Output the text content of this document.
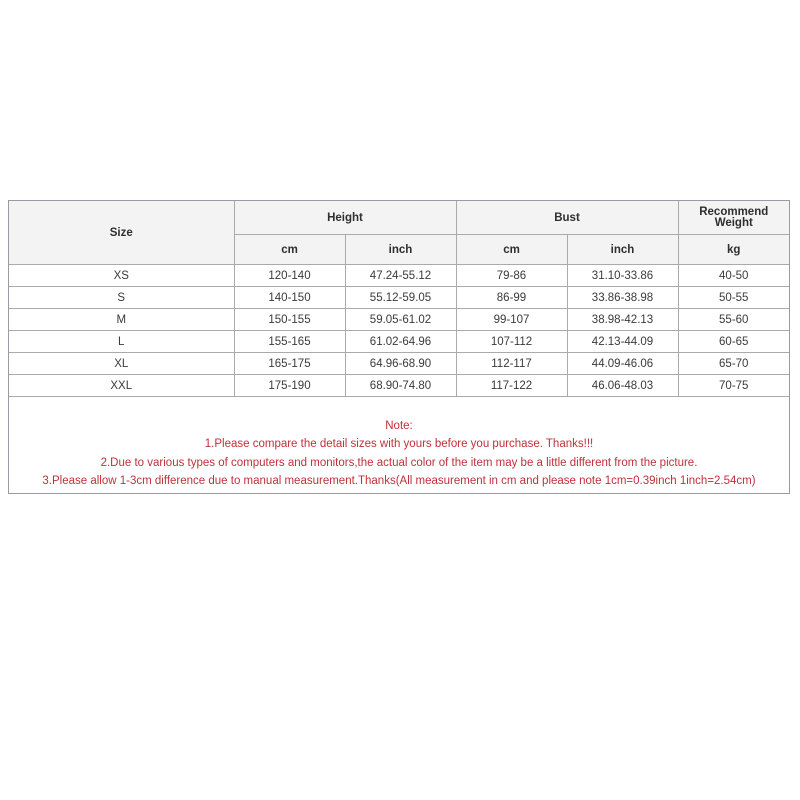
Size	Height		Bust		Recommend Weight
	cm	inch	cm	inch	kg
XS	120-140	47.24-55.12	79-86	31.10-33.86	40-50
S	140-150	55.12-59.05	86-99	33.86-38.98	50-55
M	150-155	59.05-61.02	99-107	38.98-42.13	55-60
L	155-165	61.02-64.96	107-112	42.13-44.09	60-65
XL	165-175	64.96-68.90	112-117	44.09-46.06	65-70
XXL	175-190	68.90-74.80	117-122	46.06-48.03	70-75
Note:
1.Please compare the detail sizes with yours before you purchase. Thanks!!!
2.Due to various types of computers and monitors,the actual color of the item may be a little different from the picture.
3.Please allow 1-3cm difference due to manual measurement.Thanks(All measurement in cm and please note 1cm=0.39inch 1inch=2.54cm)
